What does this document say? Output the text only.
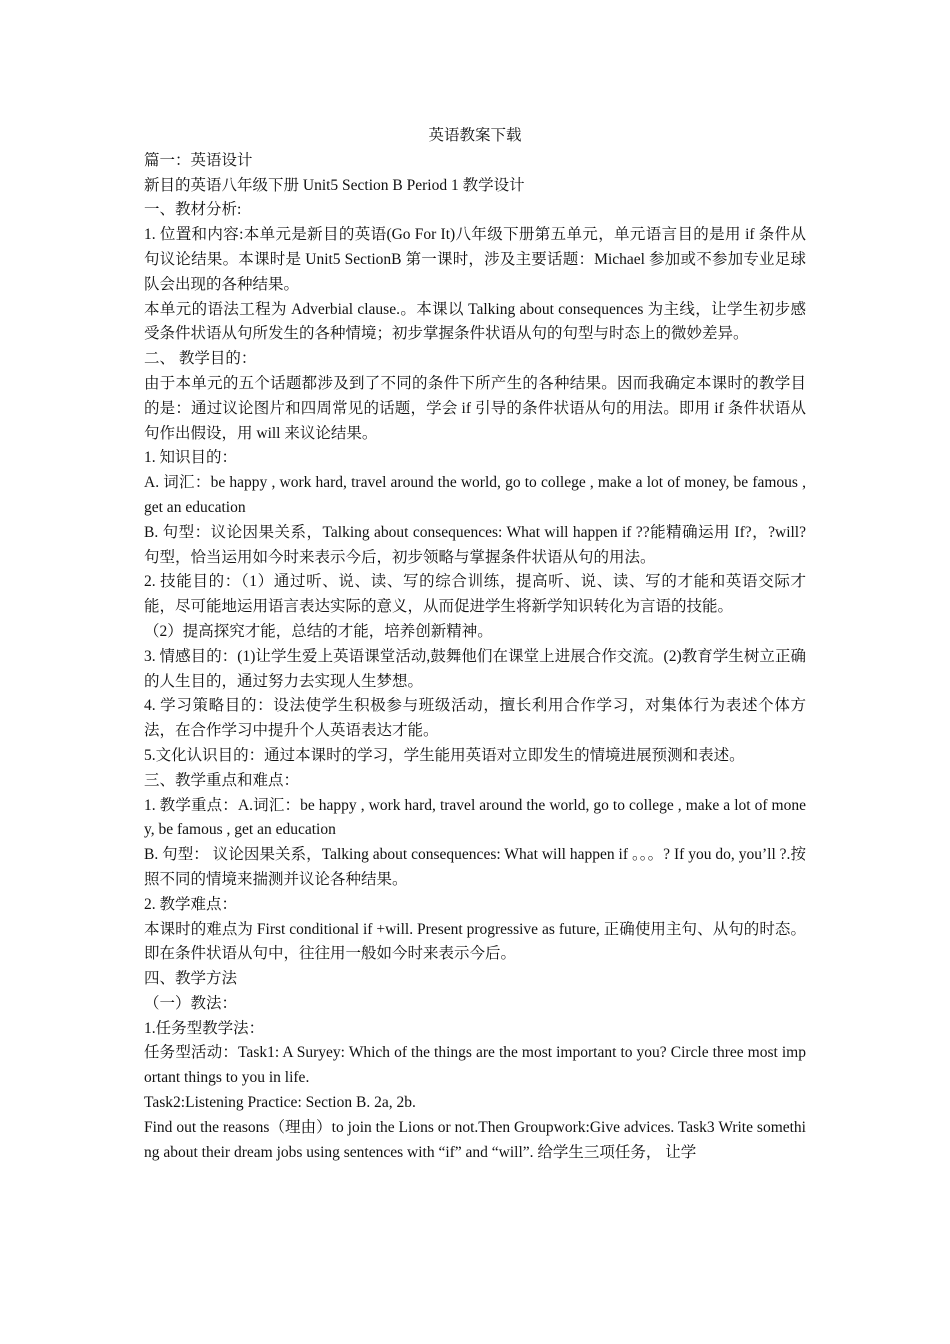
英语教案下载

篇一：英语设计

新目的英语八年级下册 Unit5 Section B Period 1 教学设计

一、教材分析:

1. 位置和内容:本单元是新目的英语(Go For It)八年级下册第五单元，单元语言目的是用 if 条件从句议论结果。本课时是 Unit5 SectionB 第一课时，涉及主要话题：Michael 参加或不参加专业足球队会出现的各种结果。

本单元的语法工程为 Adverbial clause.。本课以 Talking about consequences 为主线，让学生初步感受条件状语从句所发生的各种情境；初步掌握条件状语从句的句型与时态上的微妙差异。

二、 教学目的：

由于本单元的五个话题都涉及到了不同的条件下所产生的各种结果。因而我确定本课时的教学目的是：通过议论图片和四周常见的话题，学会 if 引导的条件状语从句的用法。即用 if 条件状语从句作出假设，用 will 来议论结果。

1. 知识目的：

A. 词汇：be happy , work hard, travel around the world, go to college , make a lot of money, be famous , get an education

B. 句型：议论因果关系，Talking about consequences: What will happen if ??能精确运用 If?，?will?句型，恰当运用如今时来表示今后，初步领略与掌握条件状语从句的用法。

2. 技能目的：（1）通过听、说、读、写的综合训练，提高听、说、读、写的才能和英语交际才能，尽可能地运用语言表达实际的意义，从而促进学生将新学知识转化为言语的技能。

（2）提高探究才能，总结的才能，培养创新精神。

3. 情感目的：(1)让学生爱上英语课堂活动,鼓舞他们在课堂上进展合作交流。(2)教育学生树立正确的人生目的，通过努力去实现人生梦想。

4. 学习策略目的：设法使学生积极参与班级活动，擅长利用合作学习，对集体行为表述个体方法，在合作学习中提升个人英语表达才能。

5.文化认识目的：通过本课时的学习，学生能用英语对立即发生的情境进展预测和表述。

三、教学重点和难点：

1. 教学重点：A.词汇：be happy , work hard, travel around the world, go to college , make a lot of money, be famous , get an education

B. 句型： 议论因果关系，Talking about consequences: What will happen if 。。。? If you do, you’ll ?.按照不同的情境来揣测并议论各种结果。

2. 教学难点：

本课时的难点为 First conditional if +will. Present progressive as future, 正确使用主句、从句的时态。即在条件状语从句中，往往用一般如今时来表示今后。

四、教学方法

（一）教法：

1.任务型教学法：

任务型活动：Task1: A Suryey: Which of the things are the most important to you? Circle three most important things to you in life.

Task2:Listening Practice: Section B. 2a, 2b.

Find out the reasons（理由）to join the Lions or not.Then Groupwork:Give advices. Task3 Write something about their dream jobs using sentences with “if” and “will”. 给学生三项任务， 让学
